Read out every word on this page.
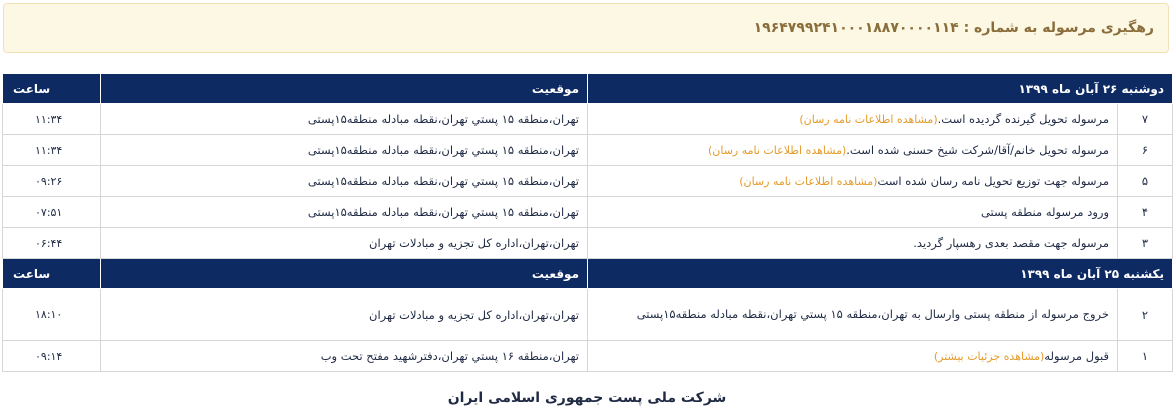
رهگیری مرسوله به شماره : ۱۹۶۴۷۹۹۲۴۱۰۰۰۱۸۸۷۰۰۰۰۱۱۴
دوشنبه ۲۶ آبان ماه ۱۳۹۹		موقعیت	ساعت
۷	مرسوله تحویل گیرنده گردیده است.(مشاهده اطلاعات نامه رسان)	تهران،منطقه ۱۵ پستي تهران،نقطه مبادله منطقه۱۵پستی	۱۱:۳۴
۶	مرسوله تحویل خانم/آقا/شرکت شیخ حسنی شده است.(مشاهده اطلاعات نامه رسان)	تهران،منطقه ۱۵ پستي تهران،نقطه مبادله منطقه۱۵پستی	۱۱:۳۴
۵	مرسوله جهت توزیع تحویل نامه رسان شده است(مشاهده اطلاعات نامه رسان)	تهران،منطقه ۱۵ پستي تهران،نقطه مبادله منطقه۱۵پستی	۰۹:۲۶
۴	ورود مرسوله منطقه پستی	تهران،منطقه ۱۵ پستي تهران،نقطه مبادله منطقه۱۵پستی	۰۷:۵۱
۳	مرسوله جهت مقصد بعدی رهسپار گردید.	تهران،تهران،اداره کل تجزیه و مبادلات تهران	۰۶:۴۴
یکشنبه ۲۵ آبان ماه ۱۳۹۹		موقعیت	ساعت
۲	خروج مرسوله از منطقه پستی وارسال به تهران،منطقه ۱۵ پستي تهران،نقطه مبادله منطقه۱۵پستی	تهران،تهران،اداره کل تجزیه و مبادلات تهران	۱۸:۱۰
۱	قبول مرسوله(مشاهده جزئیات بیشتر)	تهران،منطقه ۱۶ پستي تهران،دفترشهید مفتح تحت وب	۰۹:۱۴
شرکت ملی پست جمهوری اسلامی ایران
